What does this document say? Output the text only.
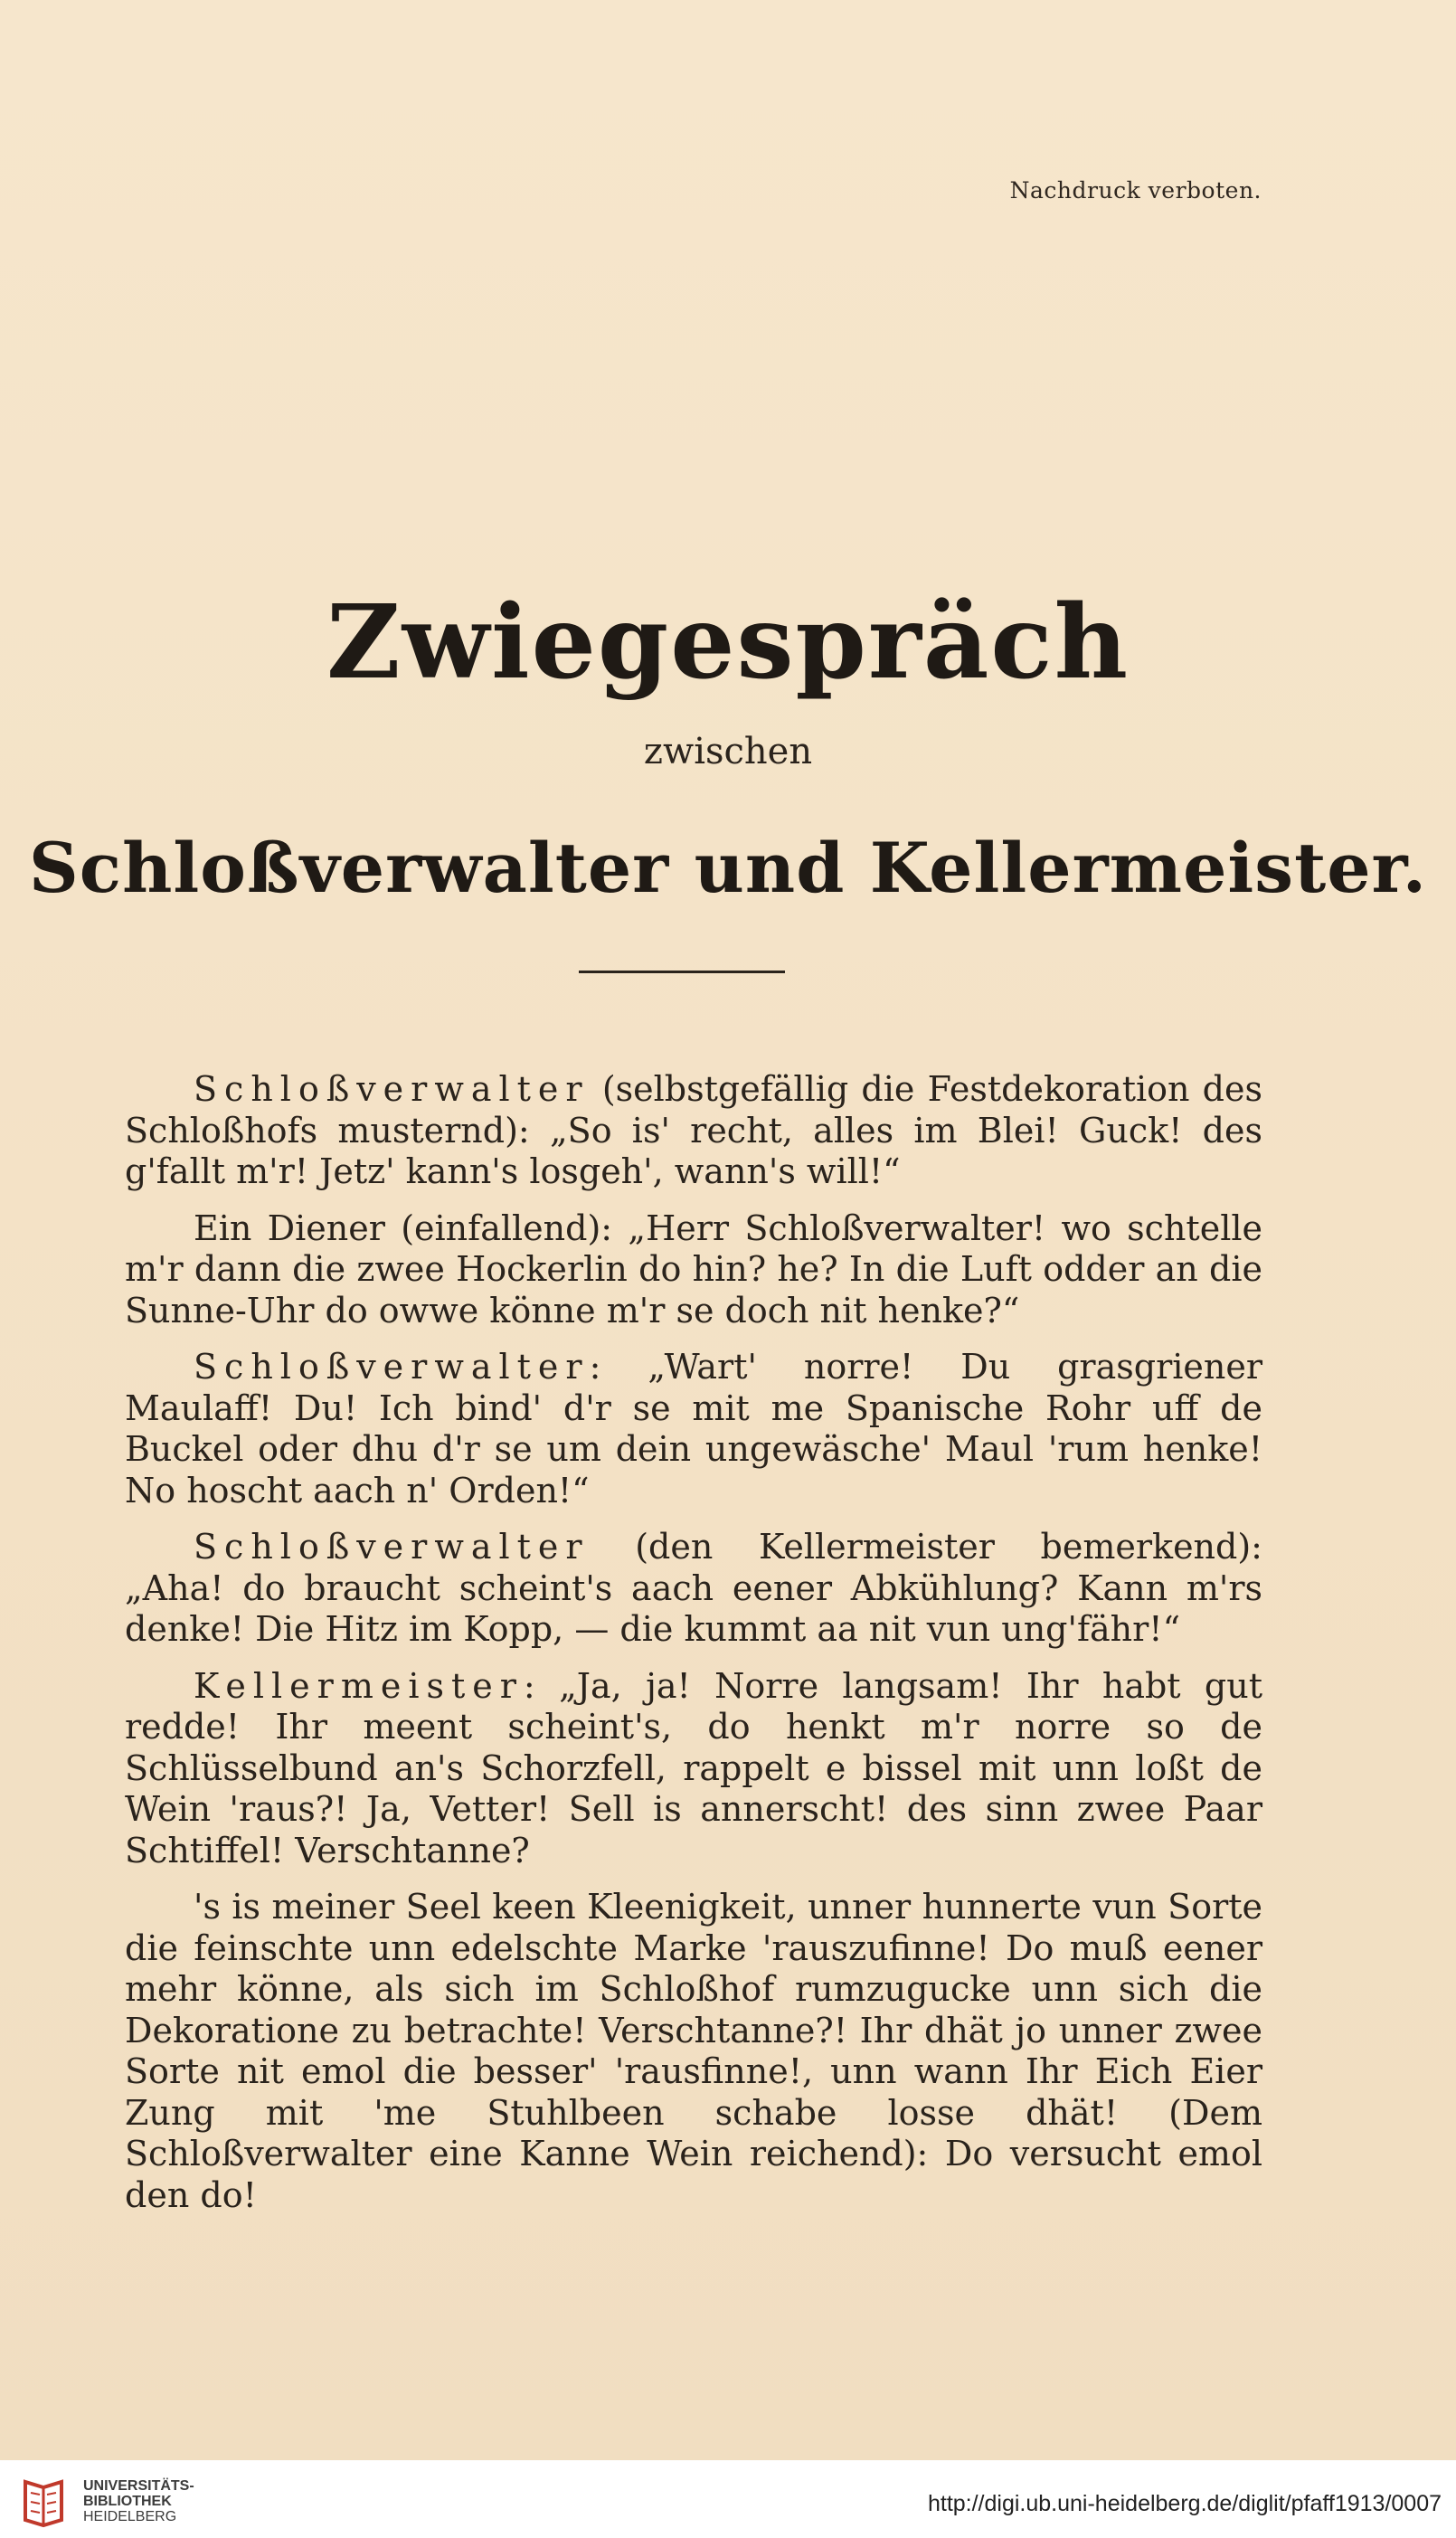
Nachdruck verboten.
Zwiegespräch
zwischen
Schloßverwalter und Kellermeister.

Schloßverwalter (selbstgefällig die Festdekoration des Schloßhofs musternd): „So is' recht, alles im Blei! Guck! des g'fallt m'r! Jetz' kann's losgeh', wann's will!“

Ein Diener (einfallend): „Herr Schloßverwalter! wo schtelle m'r dann die zwee Hockerlin do hin? he? In die Luft odder an die Sunne-Uhr do owwe könne m'r se doch nit henke?“

Schloßverwalter: „Wart' norre! Du grasgriener Maulaff! Du! Ich bind' d'r se mit me Spanische Rohr uff de Buckel oder dhu d'r se um dein ungewäsche' Maul 'rum henke! No hoscht aach n' Orden!“

Schloßverwalter (den Kellermeister bemerkend): „Aha! do braucht scheint's aach eener Abkühlung? Kann m'rs denke! Die Hitz im Kopp, — die kummt aa nit vun ung'fähr!“

Kellermeister: „Ja, ja! Norre langsam! Ihr habt gut redde! Ihr meent scheint's, do henkt m'r norre so de Schlüsselbund an's Schorzfell, rappelt e bissel mit unn loßt de Wein 'raus?! Ja, Vetter! Sell is annerscht! des sinn zwee Paar Schtiffel! Verschtanne?

's is meiner Seel keen Kleenigkeit, unner hunnerte vun Sorte die feinschte unn edelschte Marke 'rauszufinne! Do muß eener mehr könne, als sich im Schloßhof rumzugucke unn sich die Dekoratione zu betrachte! Verschtanne?! Ihr dhät jo unner zwee Sorte nit emol die besser' 'rausfinne!, unn wann Ihr Eich Eier Zung mit 'me Stuhlbeen schabe losse dhät! (Dem Schloßverwalter eine Kanne Wein reichend): Do versucht emol den do!

UNIVERSITÄTS-
BIBLIOTHEK
HEIDELBERG
http://digi.ub.uni-heidelberg.de/diglit/pfaff1913/0007
